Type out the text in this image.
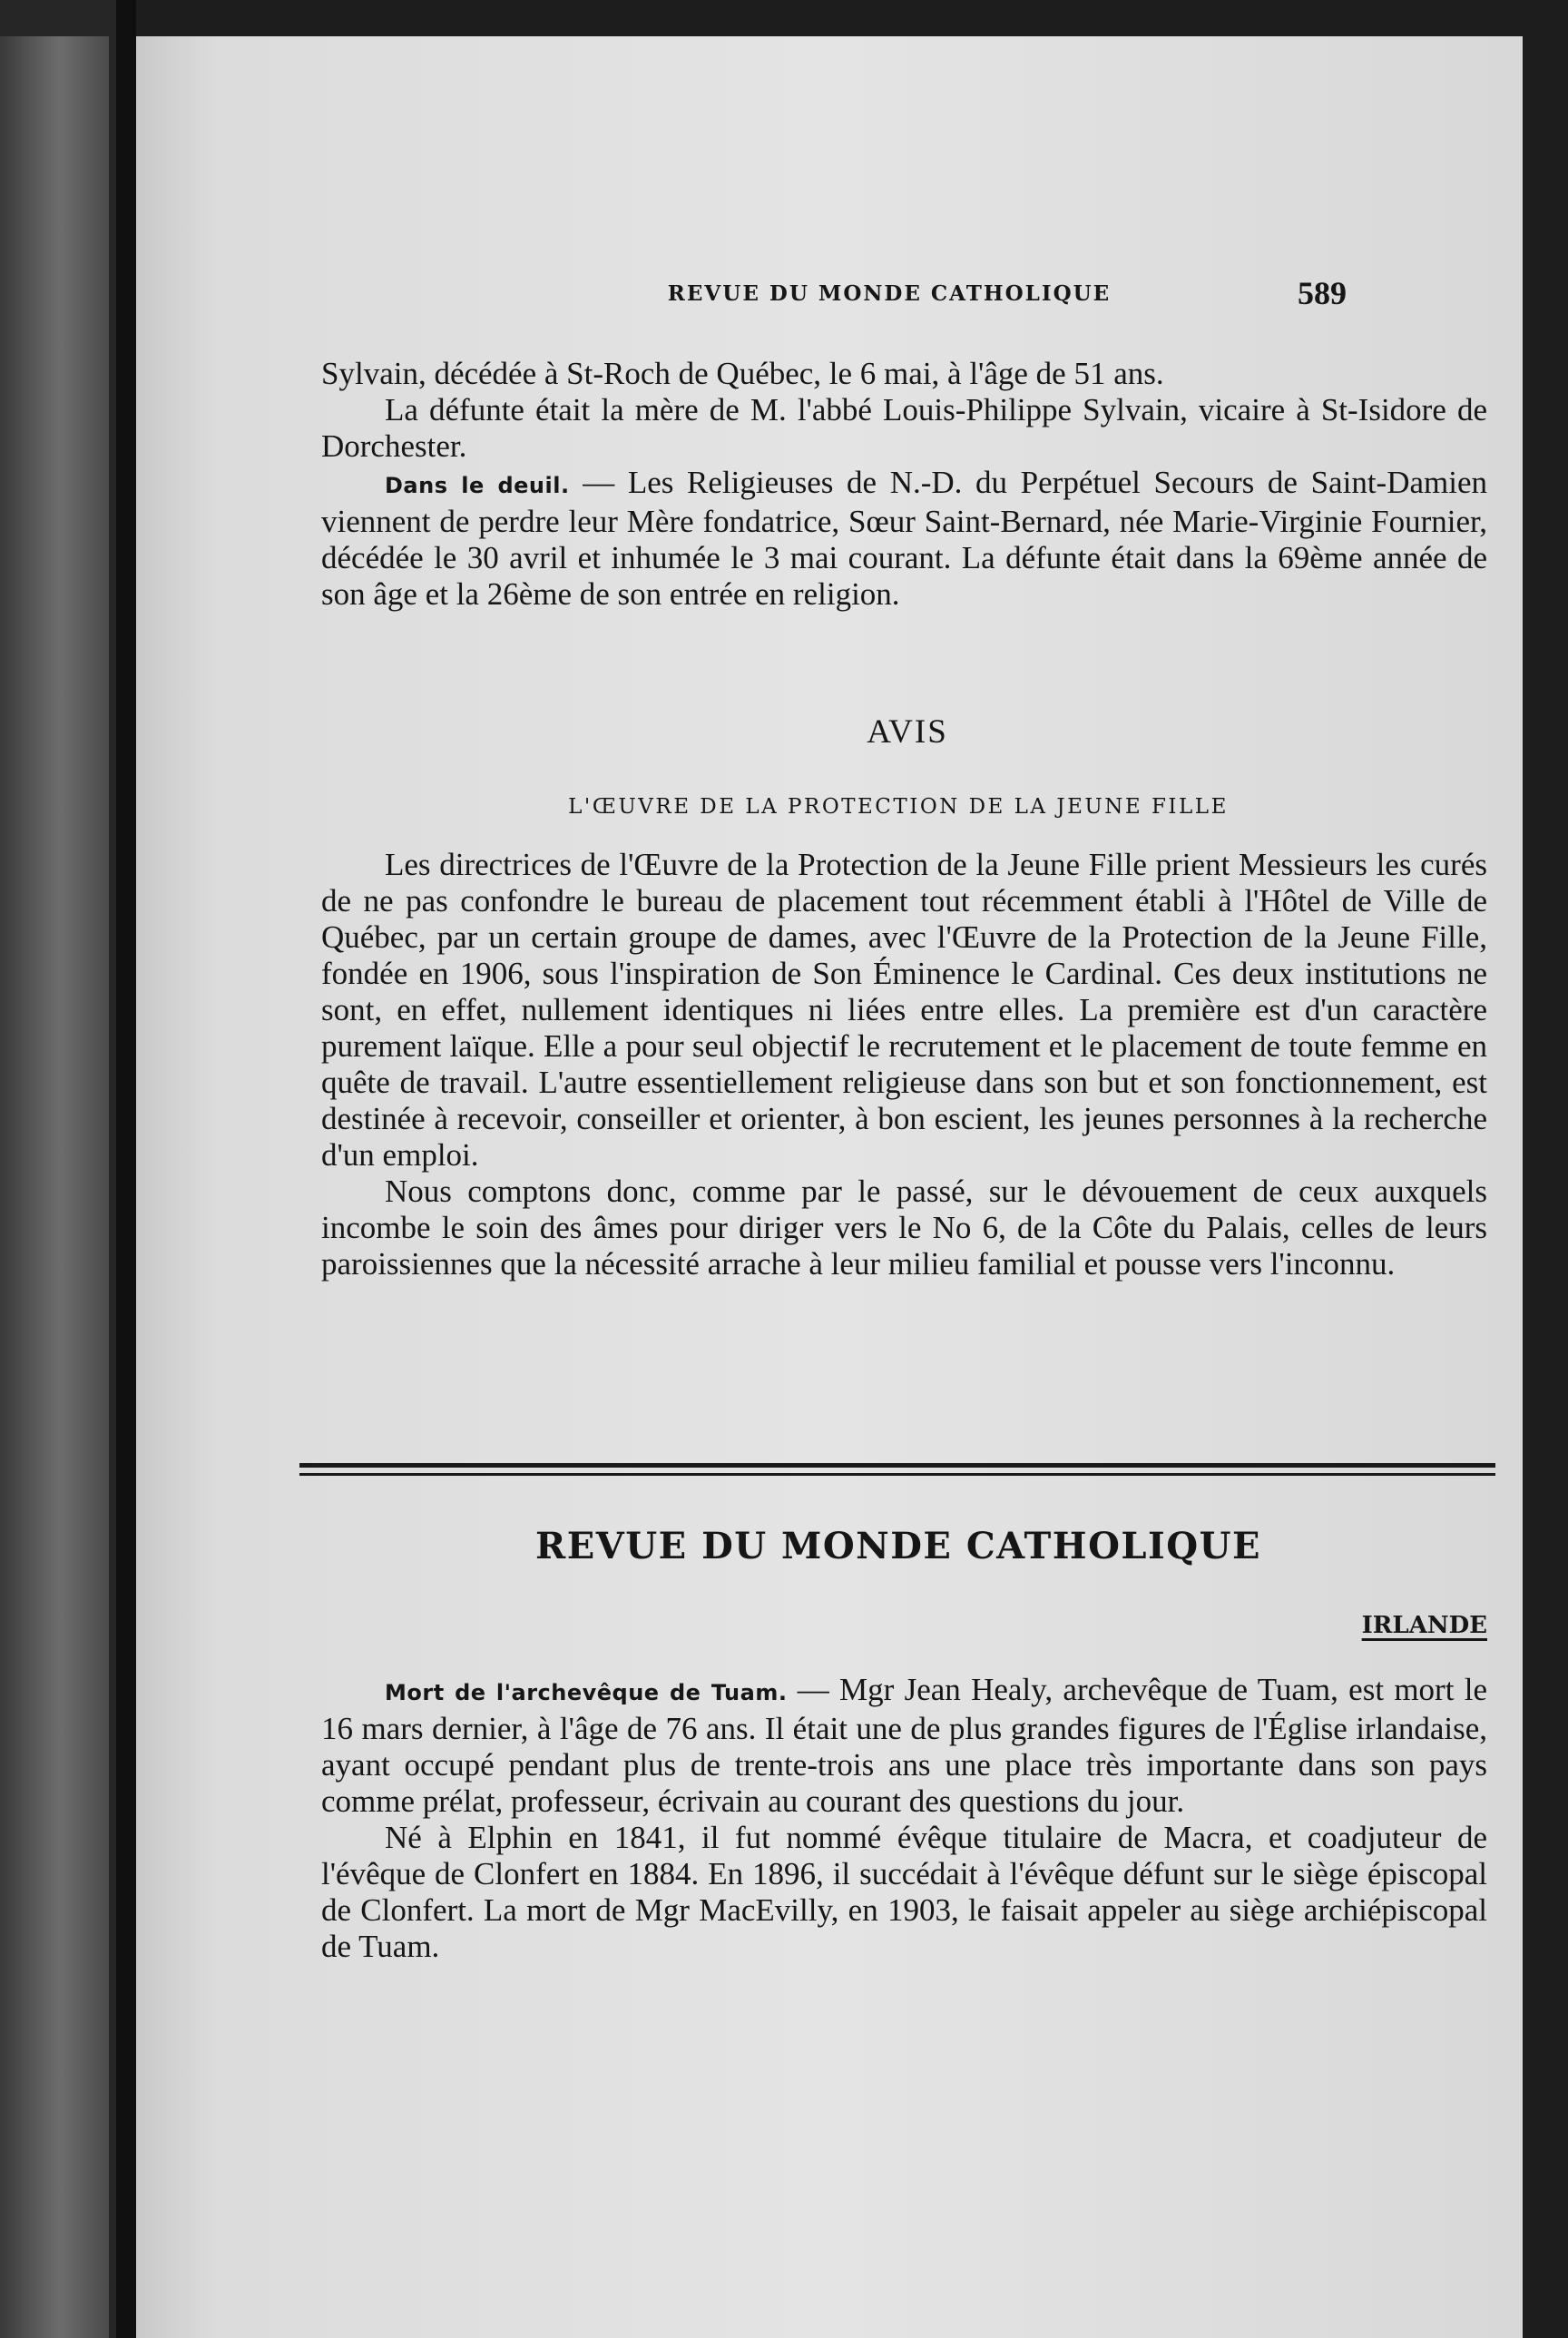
REVUE DU MONDE CATHOLIQUE	589

Sylvain, décédée à St-Roch de Québec, le 6 mai, à l'âge de 51 ans.

La défunte était la mère de M. l'abbé Louis-Philippe Sylvain, vicaire à St-Isidore de Dorchester.

Dans le deuil. — Les Religieuses de N.-D. du Perpétuel Secours de Saint-Damien viennent de perdre leur Mère fondatrice, Sœur Saint-Bernard, née Marie-Virginie Fournier, décédée le 30 avril et inhumée le 3 mai courant. La défunte était dans la 69ème année de son âge et la 26ème de son entrée en religion.

AVIS
L'ŒUVRE DE LA PROTECTION DE LA JEUNE FILLE

Les directrices de l'Œuvre de la Protection de la Jeune Fille prient Messieurs les curés de ne pas confondre le bureau de placement tout récemment établi à l'Hôtel de Ville de Québec, par un certain groupe de dames, avec l'Œuvre de la Protection de la Jeune Fille, fondée en 1906, sous l'inspiration de Son Éminence le Cardinal. Ces deux institutions ne sont, en effet, nullement identiques ni liées entre elles. La première est d'un caractère purement laïque. Elle a pour seul objectif le recrutement et le placement de toute femme en quête de travail. L'autre essentiellement religieuse dans son but et son fonctionnement, est destinée à recevoir, conseiller et orienter, à bon escient, les jeunes personnes à la recherche d'un emploi.

Nous comptons donc, comme par le passé, sur le dévouement de ceux auxquels incombe le soin des âmes pour diriger vers le No 6, de la Côte du Palais, celles de leurs paroissiennes que la nécessité arrache à leur milieu familial et pousse vers l'inconnu.

REVUE DU MONDE CATHOLIQUE
IRLANDE

Mort de l'archevêque de Tuam. — Mgr Jean Healy, archevêque de Tuam, est mort le 16 mars dernier, à l'âge de 76 ans. Il était une de plus grandes figures de l'Église irlandaise, ayant occupé pendant plus de trente-trois ans une place très importante dans son pays comme prélat, professeur, écrivain au courant des questions du jour.

Né à Elphin en 1841, il fut nommé évêque titulaire de Macra, et coadjuteur de l'évêque de Clonfert en 1884. En 1896, il succédait à l'évêque défunt sur le siège épiscopal de Clonfert. La mort de Mgr MacEvilly, en 1903, le faisait appeler au siège archiépiscopal de Tuam.
